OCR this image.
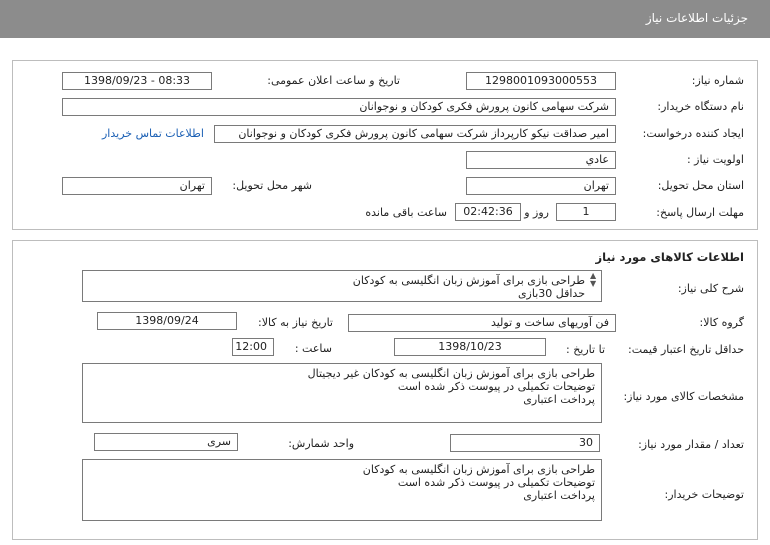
جزئیات اطلاعات نیاز
شماره نیاز:
1298001093000553
تاریخ و ساعت اعلان عمومی:
1398/09/23 - 08:33
نام دستگاه خریدار:
شرکت سهامی کانون پرورش فکری کودکان و نوجوانان
ایجاد کننده درخواست:
امیر صداقت نیکو کارپرداز شرکت سهامی کانون پرورش فکری کودکان و نوجوانان
اطلاعات تماس خریدار
اولویت نیاز :
عادي
استان محل تحویل:
تهران
شهر محل تحویل:
تهران
مهلت ارسال پاسخ:
1
روز و
02:42:36
ساعت باقی مانده
اطلاعات کالاهای مورد نیاز
شرح کلی نیاز:
طراحی بازی برای آموزش زبان انگلیسی به کودکان
حداقل 30بازی
▲
▼
گروه کالا:
فن آوریهای ساخت و تولید
تاریخ نیاز به کالا:
1398/09/24
حداقل تاریخ اعتبار قیمت:
تا تاریخ :
1398/10/23
ساعت :
12:00
مشخصات کالای مورد نیاز:
طراحی بازی برای آموزش زبان انگلیسی به کودکان غیر دیجیتال
توضیحات تکمیلی در پیوست ذکر شده است
پرداخت اعتباری
تعداد / مقدار مورد نیاز:
30
واحد شمارش:
سری
توضیحات خریدار:
طراحی بازی برای آموزش زبان انگلیسی به کودکان
توضیحات تکمیلی در پیوست ذکر شده است
پرداخت اعتباری
